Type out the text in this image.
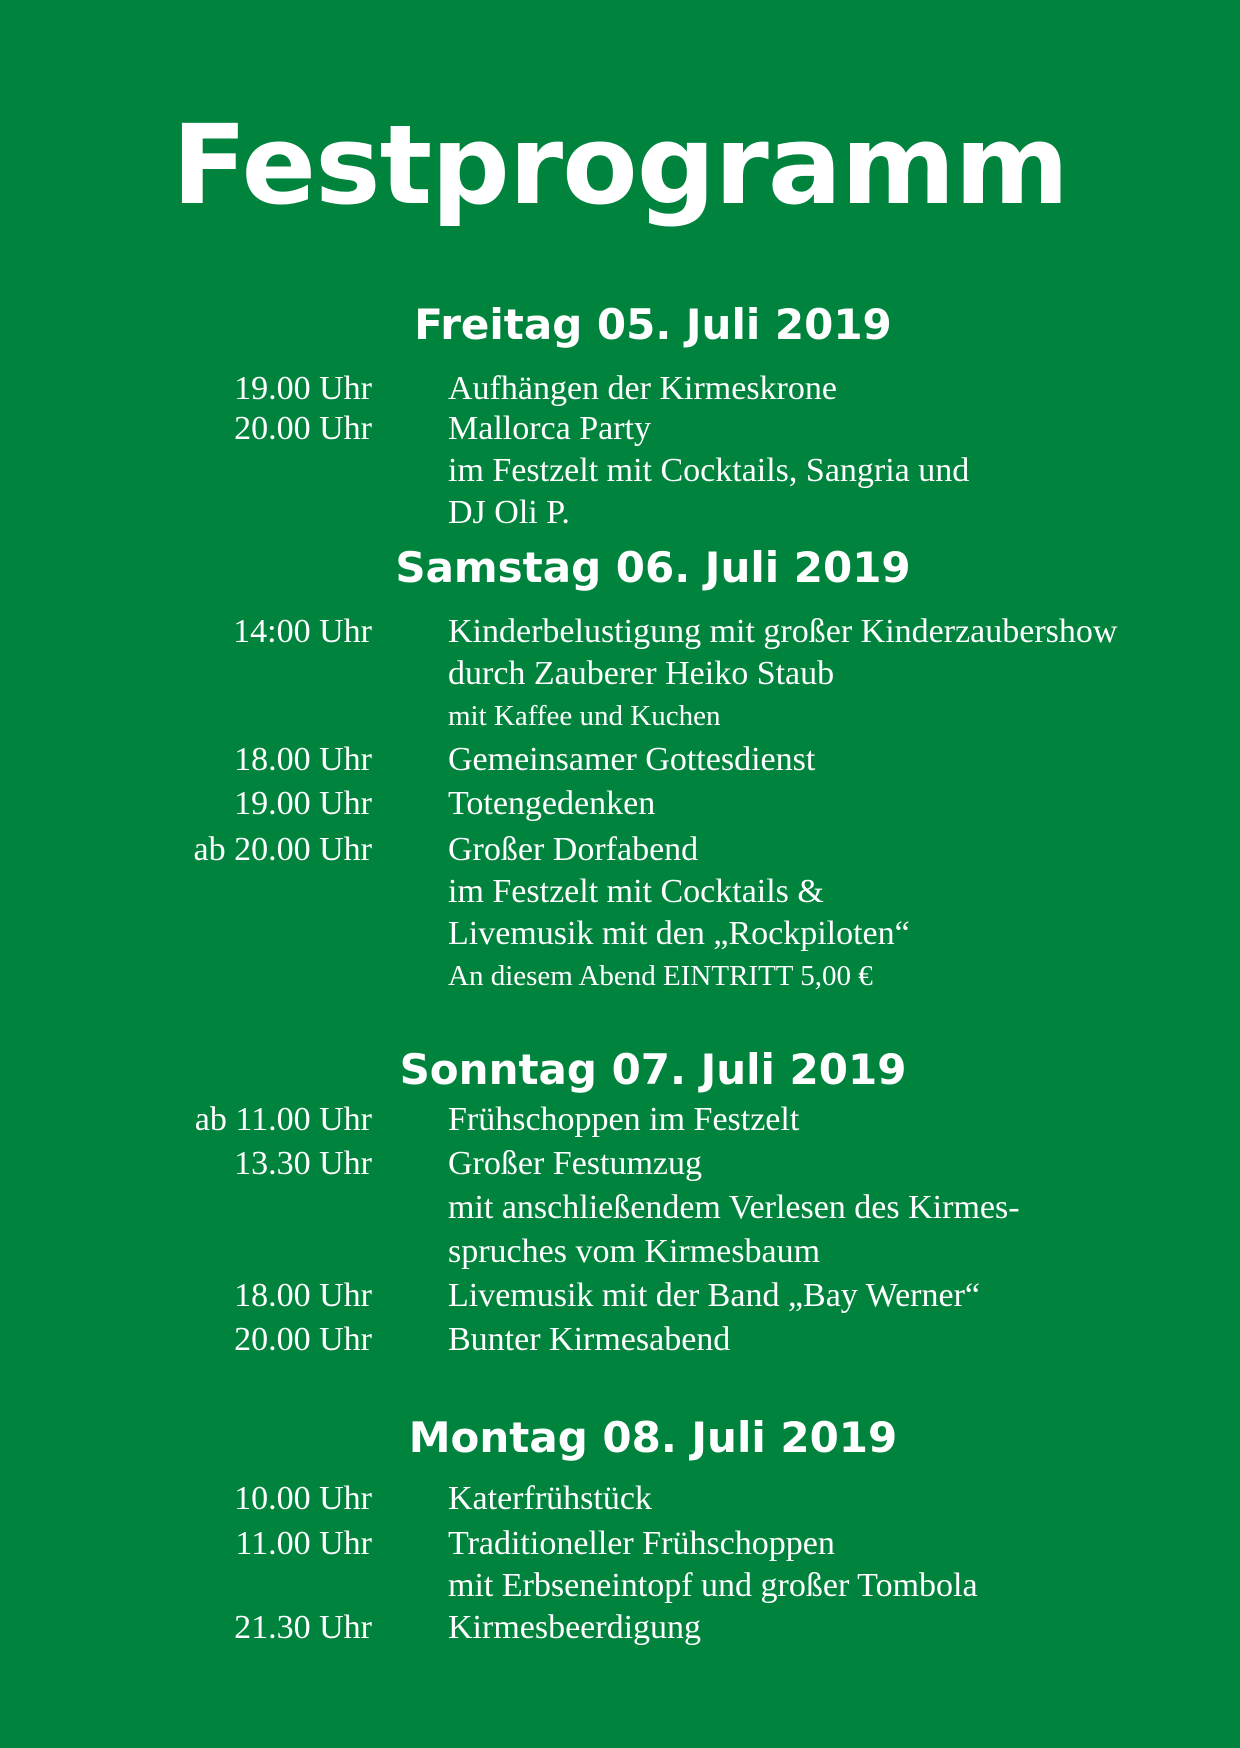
Festprogramm
Freitag 05. Juli 2019
19.00 Uhr Aufhängen der Kirmeskrone
20.00 Uhr Mallorca Party
im Festzelt mit Cocktails, Sangria und
DJ Oli P.
Samstag 06. Juli 2019
14:00 Uhr Kinderbelustigung mit großer Kinderzaubershow
durch Zauberer Heiko Staub
mit Kaffee und Kuchen
18.00 Uhr Gemeinsamer Gottesdienst
19.00 Uhr Totengedenken
ab 20.00 Uhr Großer Dorfabend
im Festzelt mit Cocktails &
Livemusik mit den „Rockpiloten“
An diesem Abend EINTRITT 5,00 €
Sonntag 07. Juli 2019
ab 11.00 Uhr Frühschoppen im Festzelt
13.30 Uhr Großer Festumzug
mit anschließendem Verlesen des Kirmes-
spruches vom Kirmesbaum
18.00 Uhr Livemusik mit der Band „Bay Werner“
20.00 Uhr Bunter Kirmesabend
Montag 08. Juli 2019
10.00 Uhr Katerfrühstück
11.00 Uhr Traditioneller Frühschoppen
mit Erbseneintopf und großer Tombola
21.30 Uhr Kirmesbeerdigung
